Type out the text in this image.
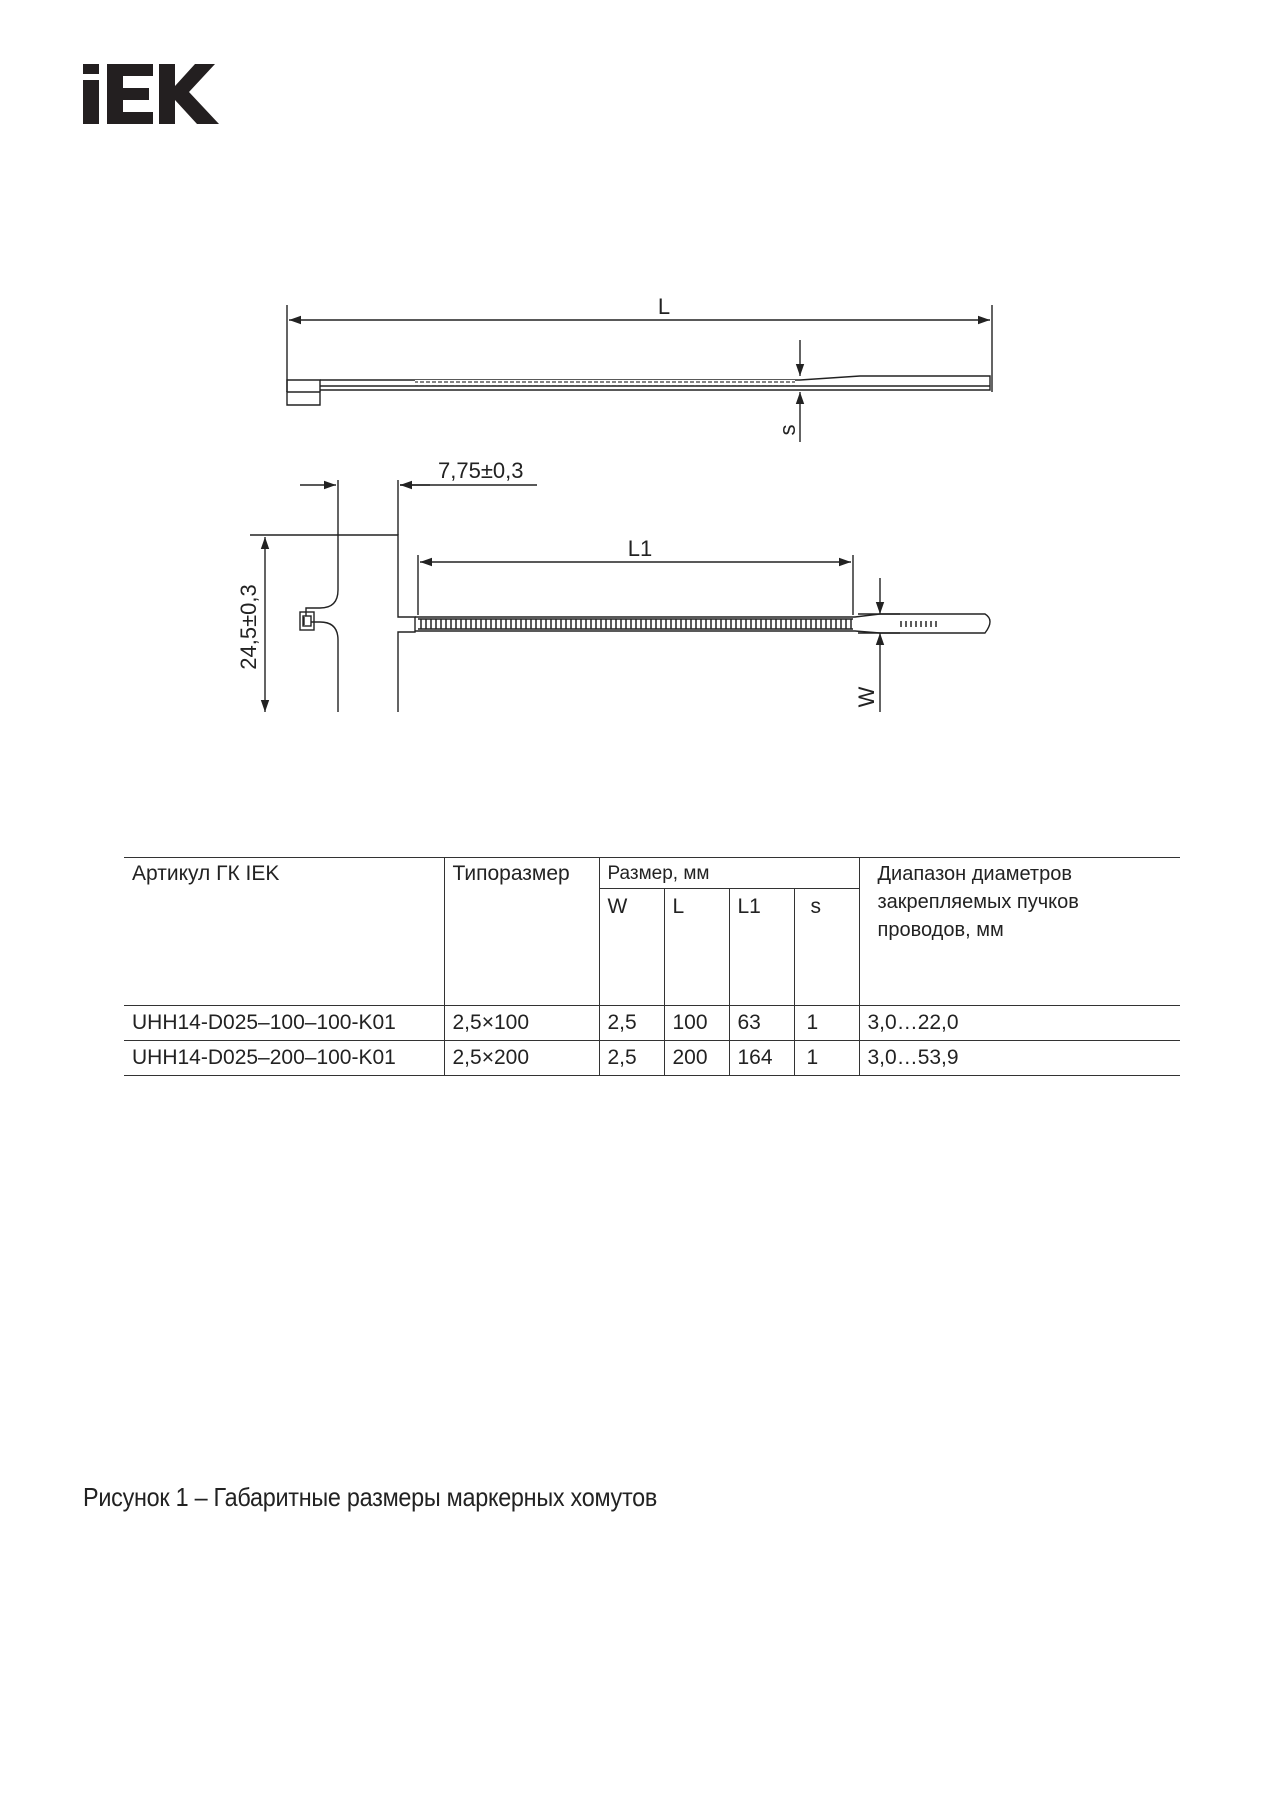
L
s
7,75±0,3
L1
24,5±0,3
W
Артикул ГК IEK	Типоразмер	Размер, мм				Диапазон диаметров закрепляемых пучков проводов, мм
		W	L	L1	s	
UHH14-D025–100–100-K01	2,5×100	2,5	100	63	1	3,0…22,0
UHH14-D025–200–100-K01	2,5×200	2,5	200	164	1	3,0…53,9
Рисунок 1 – Габаритные размеры маркерных хомутов
